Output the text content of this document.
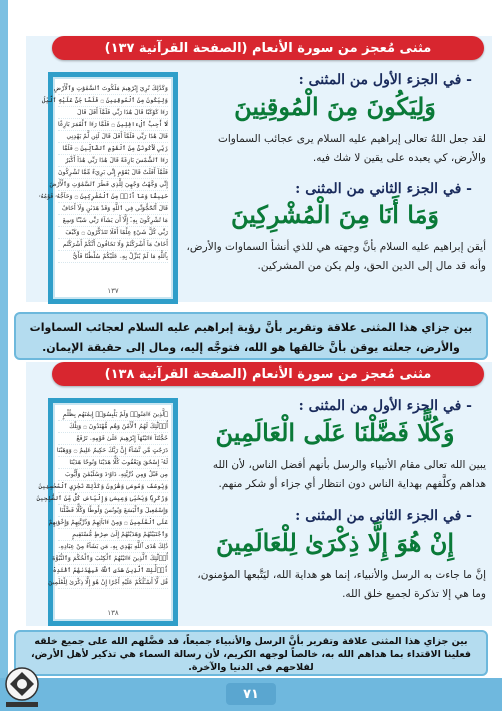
مثنى مُعجز من سورة الأنعام (الصفحة القرآنية ١٣٧)
وَكَذَٰلِكَ نُرِيٓ إِبْرَٰهِيمَ مَلَكُوتَ ٱلسَّمَٰوَٰتِ وَٱلْأَرْضِ
وَلِيَكُونَ مِنَ ٱلْمُوقِنِينَ ۝ فَلَمَّا جَنَّ عَلَيْهِ ٱلَّيْلُ
رَءَا كَوْكَبًا قَالَ هَٰذَا رَبِّي فَلَمَّآ أَفَلَ قَالَ
لَآ أُحِبُّ ٱلْءَافِلِينَ ۝ فَلَمَّا رَءَا ٱلْقَمَرَ بَازِغًا
قَالَ هَٰذَا رَبِّي فَلَمَّآ أَفَلَ قَالَ لَئِن لَّمْ يَهْدِنِي
رَبِّي لَأَكُونَنَّ مِنَ ٱلْقَوْمِ ٱلضَّآلِّينَ ۝ فَلَمَّا
رَءَا ٱلشَّمْسَ بَازِغَةً قَالَ هَٰذَا رَبِّي هَٰذَآ أَكْبَرُ
فَلَمَّآ أَفَلَتْ قَالَ يَٰقَوْمِ إِنِّي بَرِيٓءٌ مِّمَّا تُشْرِكُونَ
إِنِّي وَجَّهْتُ وَجْهِيَ لِلَّذِي فَطَرَ ٱلسَّمَٰوَٰتِ وَٱلْأَرْضَ
حَنِيفًا وَمَآ أَنَا۠ مِنَ ٱلْمُشْرِكِينَ ۝ وَحَآجَّهُۥ قَوْمُهُۥ
قَالَ أَتُحَٰٓجُّوٓنِّي فِي ٱللَّهِ وَقَدْ هَدَىٰنِ وَلَآ أَخَافُ
مَا تُشْرِكُونَ بِهِۦٓ إِلَّآ أَن يَشَآءَ رَبِّي شَيْـًٔا وَسِعَ
رَبِّي كُلَّ شَيْءٍ عِلْمًا أَفَلَا تَتَذَكَّرُونَ ۝ وَكَيْفَ
أَخَافُ مَآ أَشْرَكْتُمْ وَلَا تَخَافُونَ أَنَّكُمْ أَشْرَكْتُم
بِٱللَّهِ مَا لَمْ يُنَزِّلْ بِهِۦ عَلَيْكُمْ سُلْطَٰنًا فَأَيُّ
١٣٧
- في الجزء الأول من المثنى :
وَلِيَكُونَ مِنَ الْمُوقِنِينَ
لقد جعل اللهُ تعالى إبراهيم عليه السلام يرى عجائب السماوات والأرض، كي يعبده على يقين لا شك فيه.
- في الجزء الثاني من المثنى :
وَمَا أَنَا مِنَ الْمُشْرِكِينَ
أيقن إبراهيم عليه السلام بأنَّ وجهته هي للذي أنشأ السماوات والأرض، وأنه قد مال إلى الدين الحق، ولم يكن من المشركين.
بين جزاي هذا المثنى علاقة وتقرير بأنَّ رؤية إبراهيم عليه السلام لعجائب السماوات والأرض، جعلته يوقن بأنَّ خالقها هو الله، فتوجَّه إليه، ومال إلى حقيقة الإيمان.
مثنى مُعجز من سورة الأنعام (الصفحة القرآنية ١٣٨)
ٱلَّذِينَ ءَامَنُوا۟ وَلَمْ يَلْبِسُوٓا۟ إِيمَٰنَهُم بِظُلْمٍ
أُو۟لَٰٓئِكَ لَهُمُ ٱلْأَمْنُ وَهُم مُّهْتَدُونَ ۝ وَتِلْكَ
حُجَّتُنَآ ءَاتَيْنَٰهَآ إِبْرَٰهِيمَ عَلَىٰ قَوْمِهِۦ نَرْفَعُ
دَرَجَٰتٍ مَّن نَّشَآءُ إِنَّ رَبَّكَ حَكِيمٌ عَلِيمٌ ۝ وَوَهَبْنَا
لَهُۥٓ إِسْحَٰقَ وَيَعْقُوبَ كُلًّا هَدَيْنَا وَنُوحًا هَدَيْنَا
مِن قَبْلُ وَمِن ذُرِّيَّتِهِۦ دَاوُۥدَ وَسُلَيْمَٰنَ وَأَيُّوبَ
وَيُوسُفَ وَمُوسَىٰ وَهَٰرُونَ وَكَذَٰلِكَ نَجْزِي ٱلْمُحْسِنِينَ
وَزَكَرِيَّا وَيَحْيَىٰ وَعِيسَىٰ وَإِلْيَاسَ كُلٌّ مِّنَ ٱلصَّٰلِحِينَ
وَإِسْمَٰعِيلَ وَٱلْيَسَعَ وَيُونُسَ وَلُوطًا وَكُلًّا فَضَّلْنَا
عَلَى ٱلْعَٰلَمِينَ ۝ وَمِنْ ءَابَآئِهِمْ وَذُرِّيَّٰتِهِمْ وَإِخْوَٰنِهِمْ
وَٱجْتَبَيْنَٰهُمْ وَهَدَيْنَٰهُمْ إِلَىٰ صِرَٰطٍ مُّسْتَقِيمٍ
ذَٰلِكَ هُدَى ٱللَّهِ يَهْدِي بِهِۦ مَن يَشَآءُ مِنْ عِبَادِهِۦ
أُو۟لَٰٓئِكَ ٱلَّذِينَ ءَاتَيْنَٰهُمُ ٱلْكِتَٰبَ وَٱلْحُكْمَ وَٱلنُّبُوَّةَ
أُو۟لَٰٓئِكَ ٱلَّذِينَ هَدَى ٱللَّهُ فَبِهُدَىٰهُمُ ٱقْتَدِهْ
قُل لَّآ أَسْـَٔلُكُمْ عَلَيْهِ أَجْرًا إِنْ هُوَ إِلَّا ذِكْرَىٰ لِلْعَٰلَمِينَ
١٣٨
- في الجزء الأول من المثنى :
وَكُلًّا فَضَّلْنَا عَلَى الْعَالَمِينَ
يبين الله تعالى مقام الأنبياء والرسل بأنهم أفضل الناس، لأن الله هداهم وكلَّفهم بهداية الناس دون انتظار أي جزاء أو شكر منهم.
- في الجزء الثاني من المثنى :
إِنْ هُوَ إِلَّا ذِكْرَىٰ لِلْعَالَمِينَ
إنَّ ما جاءت به الرسل والأنبياء، إنما هو هداية الله، ليَتَّبعها المؤمنون، وما هي إلا تذكرة لجميع خلق الله.
بين جزاي هذا المثنى علاقة وتقرير بأنَّ الرسل والأنبياء جميعاً، قد فضَّلهم الله على جميع خلقه فعلينا الاقتداء بما هداهم الله به، خالصاً لوجهه الكريم، لأن رسالة السماء هي تذكير لأهل الأرض، لفلاحهم في الدنيا والآخرة.
٧١
